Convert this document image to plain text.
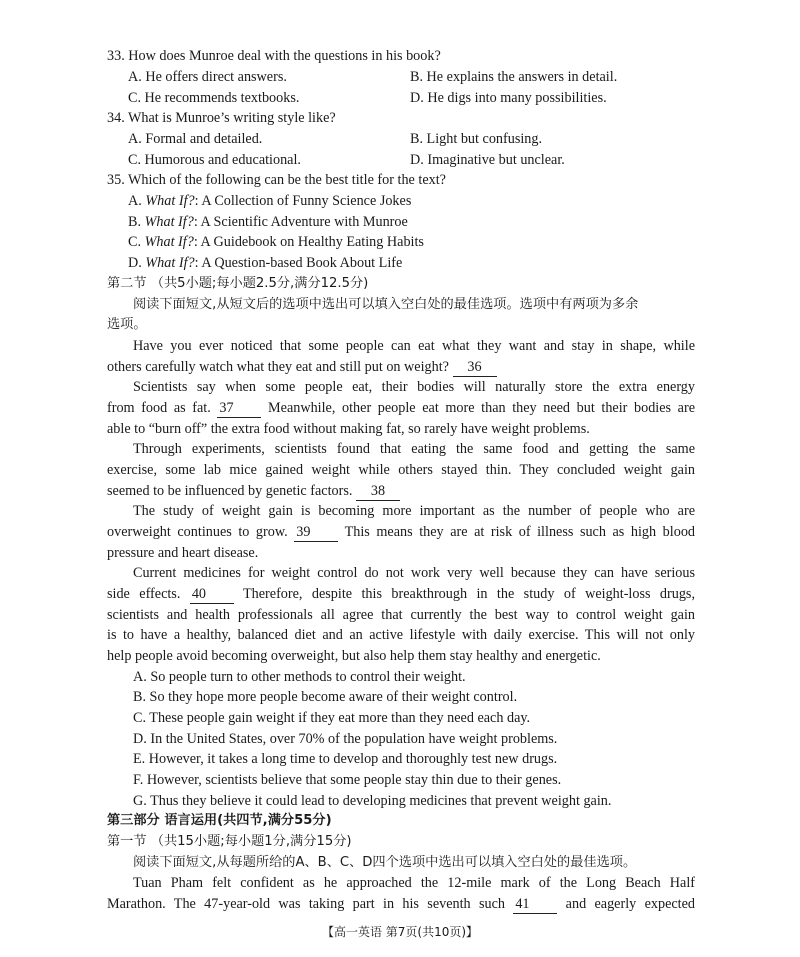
33. How does Munroe deal with the questions in his book?
A. He offers direct answers.	B. He explains the answers in detail.
C. He recommends textbooks.	D. He digs into many possibilities.
34. What is Munroe’s writing style like?
A. Formal and detailed.	B. Light but confusing.
C. Humorous and educational.	D. Imaginative but unclear.
35. Which of the following can be the best title for the text?
A. What If?: A Collection of Funny Science Jokes
B. What If?: A Scientific Adventure with Munroe
C. What If?: A Guidebook on Healthy Eating Habits
D. What If?: A Question-based Book About Life
第二节 （共5小题;每小题2.5分,满分12.5分)
阅读下面短文,从短文后的选项中选出可以填入空白处的最佳选项。选项中有两项为多余
选项。
Have you ever noticed that some people can eat what they want and stay in shape, while
others carefully watch what they eat and still put on weight? 36
Scientists say when some people eat, their bodies will naturally store the extra energy
from food as fat. 37 Meanwhile, other people eat more than they need but their bodies are
able to “burn off” the extra food without making fat, so rarely have weight problems.
Through experiments, scientists found that eating the same food and getting the same
exercise, some lab mice gained weight while others stayed thin. They concluded weight gain
seemed to be influenced by genetic factors. 38
The study of weight gain is becoming more important as the number of people who are
overweight continues to grow. 39 This means they are at risk of illness such as high blood
pressure and heart disease.
Current medicines for weight control do not work very well because they can have serious
side effects. 40	Therefore, despite this breakthrough in the study of weight-loss drugs,
scientists and health professionals all agree that currently the best way to control weight gain
is to have a healthy, balanced diet and an active lifestyle with daily exercise. This will not only
help people avoid becoming overweight, but also help them stay healthy and energetic.
A. So people turn to other methods to control their weight.
B. So they hope more people become aware of their weight control.
C. These people gain weight if they eat more than they need each day.
D. In the United States, over 70% of the population have weight problems.
E. However, it takes a long time to develop and thoroughly test new drugs.
F. However, scientists believe that some people stay thin due to their genes.
G. Thus they believe it could lead to developing medicines that prevent weight gain.
第三部分 语言运用(共四节,满分55分)
第一节 （共15小题;每小题1分,满分15分)
阅读下面短文,从每题所给的A、B、C、D四个选项中选出可以填入空白处的最佳选项。
Tuan Pham felt confident as he approached the 12-mile mark of the Long Beach Half
Marathon. The 47-year-old was taking part in his seventh such 41	and eagerly expected
【高一英语 第7页(共10页)】
